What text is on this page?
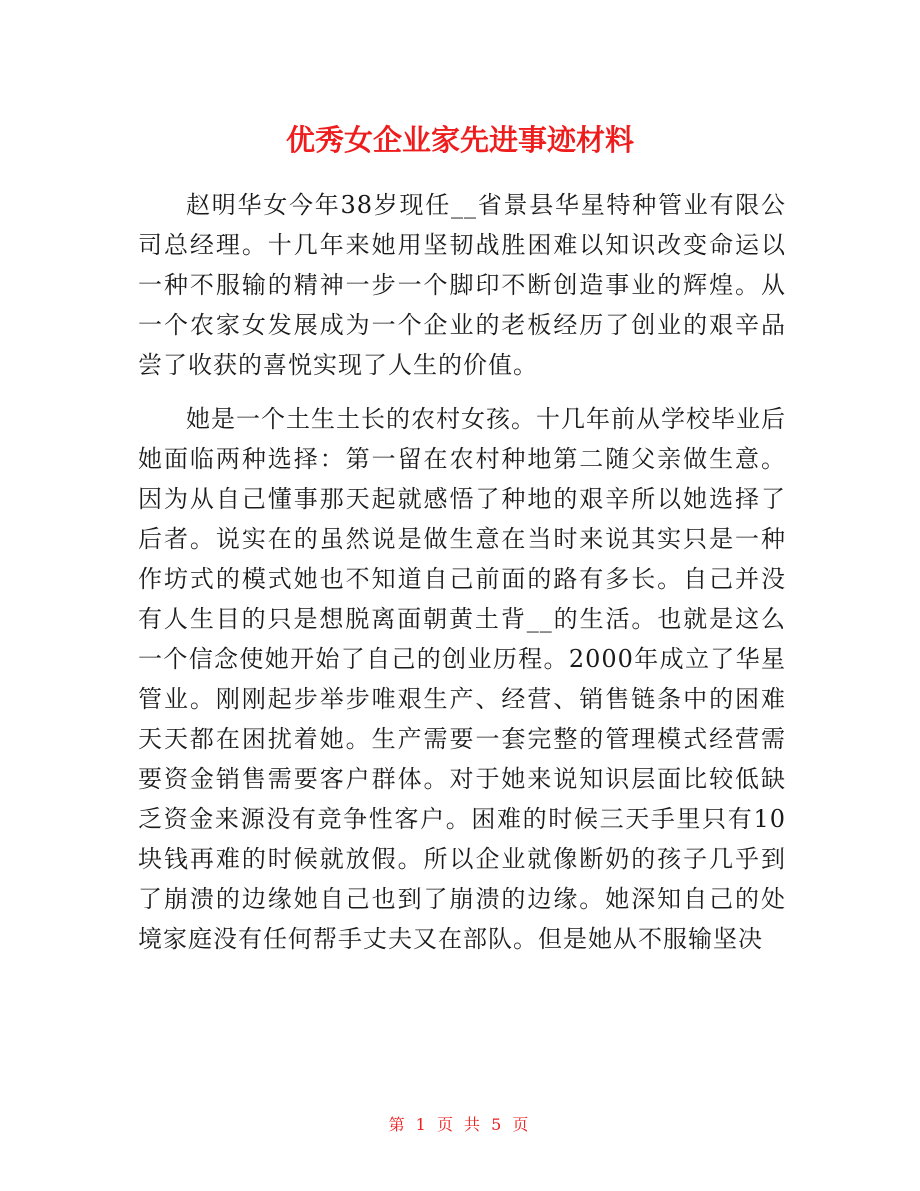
优秀女企业家先进事迹材料

赵明华女今年38岁现任__省景县华星特种管业有限公司总经理。十几年来她用坚韧战胜困难以知识改变命运以一种不服输的精神一步一个脚印不断创造事业的辉煌。从一个农家女发展成为一个企业的老板经历了创业的艰辛品尝了收获的喜悦实现了人生的价值。

她是一个土生土长的农村女孩。十几年前从学校毕业后她面临两种选择：第一留在农村种地第二随父亲做生意。因为从自己懂事那天起就感悟了种地的艰辛所以她选择了后者。说实在的虽然说是做生意在当时来说其实只是一种作坊式的模式她也不知道自己前面的路有多长。自己并没有人生目的只是想脱离面朝黄土背__的生活。也就是这么一个信念使她开始了自己的创业历程。2000年成立了华星管业。刚刚起步举步唯艰生产、经营、销售链条中的困难天天都在困扰着她。生产需要一套完整的管理模式经营需要资金销售需要客户群体。对于她来说知识层面比较低缺乏资金来源没有竞争性客户。困难的时候三天手里只有10块钱再难的时候就放假。所以企业就像断奶的孩子几乎到了崩溃的边缘她自己也到了崩溃的边缘。她深知自己的处境家庭没有任何帮手丈夫又在部队。但是她从不服输坚决

第 1 页 共 5 页
